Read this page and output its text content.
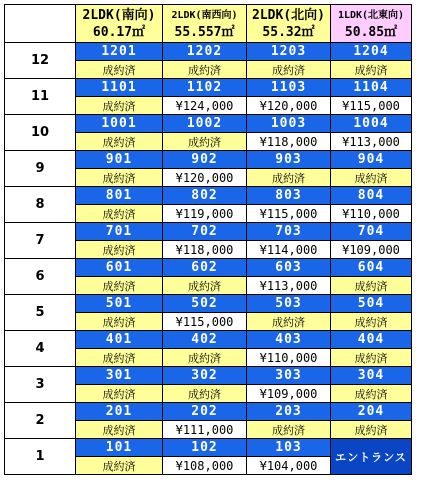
2LDK(南向)
60.17㎡
2LDK(南西向)
55.557㎡
2LDK(北向)
55.32㎡
1LDK(北東向)
50.85㎡
12
1201
成約済
1202
成約済
1203
成約済
1204
成約済
11
1101
成約済
1102
¥124,000
1103
¥120,000
1104
¥115,000
10
1001
成約済
1002
成約済
1003
¥118,000
1004
¥113,000
9
901
成約済
902
¥120,000
903
成約済
904
成約済
8
801
成約済
802
¥119,000
803
¥115,000
804
¥110,000
7
701
成約済
702
¥118,000
703
¥114,000
704
¥109,000
6
601
成約済
602
成約済
603
¥113,000
604
成約済
5
501
成約済
502
¥115,000
503
成約済
504
成約済
4
401
成約済
402
成約済
403
¥110,000
404
成約済
3
301
成約済
302
成約済
303
¥109,000
304
成約済
2
201
成約済
202
¥111,000
203
成約済
204
成約済
1
101
成約済
102
¥108,000
103
¥104,000
エントランス
